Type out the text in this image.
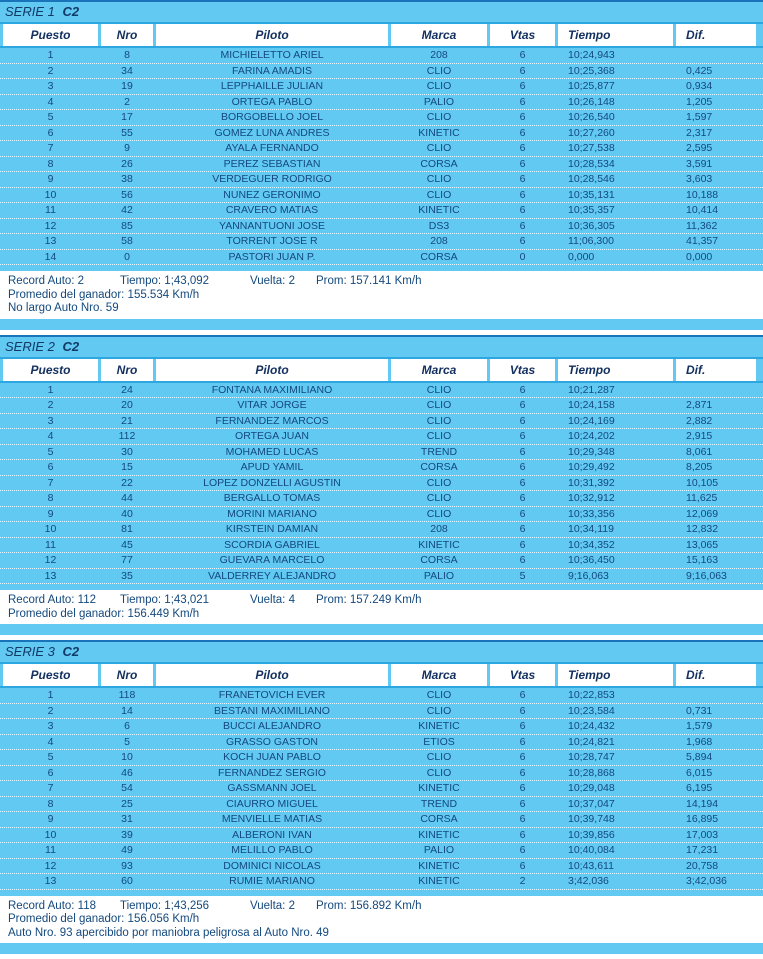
SERIE 1 C2
Puesto	Nro	Piloto	Marca	Vtas	Tiempo	Dif.
1	8	MICHIELETTO ARIEL	208	6	10;24,943
2	34	FARINA AMADIS	CLIO	6	10;25,368	0,425
3	19	LEPPHAILLE JULIAN	CLIO	6	10;25,877	0,934
4	2	ORTEGA PABLO	PALIO	6	10;26,148	1,205
5	17	BORGOBELLO JOEL	CLIO	6	10;26,540	1,597
6	55	GOMEZ LUNA ANDRES	KINETIC	6	10;27,260	2,317
7	9	AYALA FERNANDO	CLIO	6	10;27,538	2,595
8	26	PEREZ SEBASTIAN	CORSA	6	10;28,534	3,591
9	38	VERDEGUER RODRIGO	CLIO	6	10;28,546	3,603
10	56	NUNEZ GERONIMO	CLIO	6	10;35,131	10,188
11	42	CRAVERO MATIAS	KINETIC	6	10;35,357	10,414
12	85	YANNANTUONI JOSE	DS3	6	10;36,305	11,362
13	58	TORRENT JOSE R	208	6	11;06,300	41,357
14	0	PASTORI JUAN P.	CORSA	0	0,000	0,000
Record Auto: 2	Tiempo: 1;43,092	Vuelta: 2 Prom: 157.141 Km/h
Promedio del ganador: 155.534 Km/h
No largo Auto Nro. 59
SERIE 2 C2
Puesto	Nro	Piloto	Marca	Vtas	Tiempo	Dif.
1	24	FONTANA MAXIMILIANO	CLIO	6	10;21,287
2	20	VITAR JORGE	CLIO	6	10;24,158	2,871
3	21	FERNANDEZ MARCOS	CLIO	6	10;24,169	2,882
4	112	ORTEGA JUAN	CLIO	6	10;24,202	2,915
5	30	MOHAMED LUCAS	TREND	6	10;29,348	8,061
6	15	APUD YAMIL	CORSA	6	10;29,492	8,205
7	22	LOPEZ DONZELLI AGUSTIN	CLIO	6	10;31,392	10,105
8	44	BERGALLO TOMAS	CLIO	6	10;32,912	11,625
9	40	MORINI MARIANO	CLIO	6	10;33,356	12,069
10	81	KIRSTEIN DAMIAN	208	6	10;34,119	12,832
11	45	SCORDIA GABRIEL	KINETIC	6	10;34,352	13,065
12	77	GUEVARA MARCELO	CORSA	6	10;36,450	15,163
13	35	VALDERREY ALEJANDRO	PALIO	5	9;16,063	9;16,063
Record Auto: 112 Tiempo: 1;43,021	Vuelta: 4 Prom: 157.249 Km/h
Promedio del ganador: 156.449 Km/h
SERIE 3 C2
Puesto	Nro	Piloto	Marca	Vtas	Tiempo	Dif.
1	118	FRANETOVICH EVER	CLIO	6	10;22,853
2	14	BESTANI MAXIMILIANO	CLIO	6	10;23,584	0,731
3	6	BUCCI ALEJANDRO	KINETIC	6	10;24,432	1,579
4	5	GRASSO GASTON	ETIOS	6	10;24,821	1,968
5	10	KOCH JUAN PABLO	CLIO	6	10;28,747	5,894
6	46	FERNANDEZ SERGIO	CLIO	6	10;28,868	6,015
7	54	GASSMANN JOEL	KINETIC	6	10;29,048	6,195
8	25	CIAURRO MIGUEL	TREND	6	10;37,047	14,194
9	31	MENVIELLE MATIAS	CORSA	6	10;39,748	16,895
10	39	ALBERONI IVAN	KINETIC	6	10;39,856	17,003
11	49	MELILLO PABLO	PALIO	6	10;40,084	17,231
12	93	DOMINICI NICOLAS	KINETIC	6	10;43,611	20,758
13	60	RUMIE MARIANO	KINETIC	2	3;42,036	3;42,036
Record Auto: 118 Tiempo: 1;43,256	Vuelta: 2 Prom: 156.892 Km/h
Promedio del ganador: 156.056 Km/h
Auto Nro. 93 apercibido por maniobra peligrosa al Auto Nro. 49
